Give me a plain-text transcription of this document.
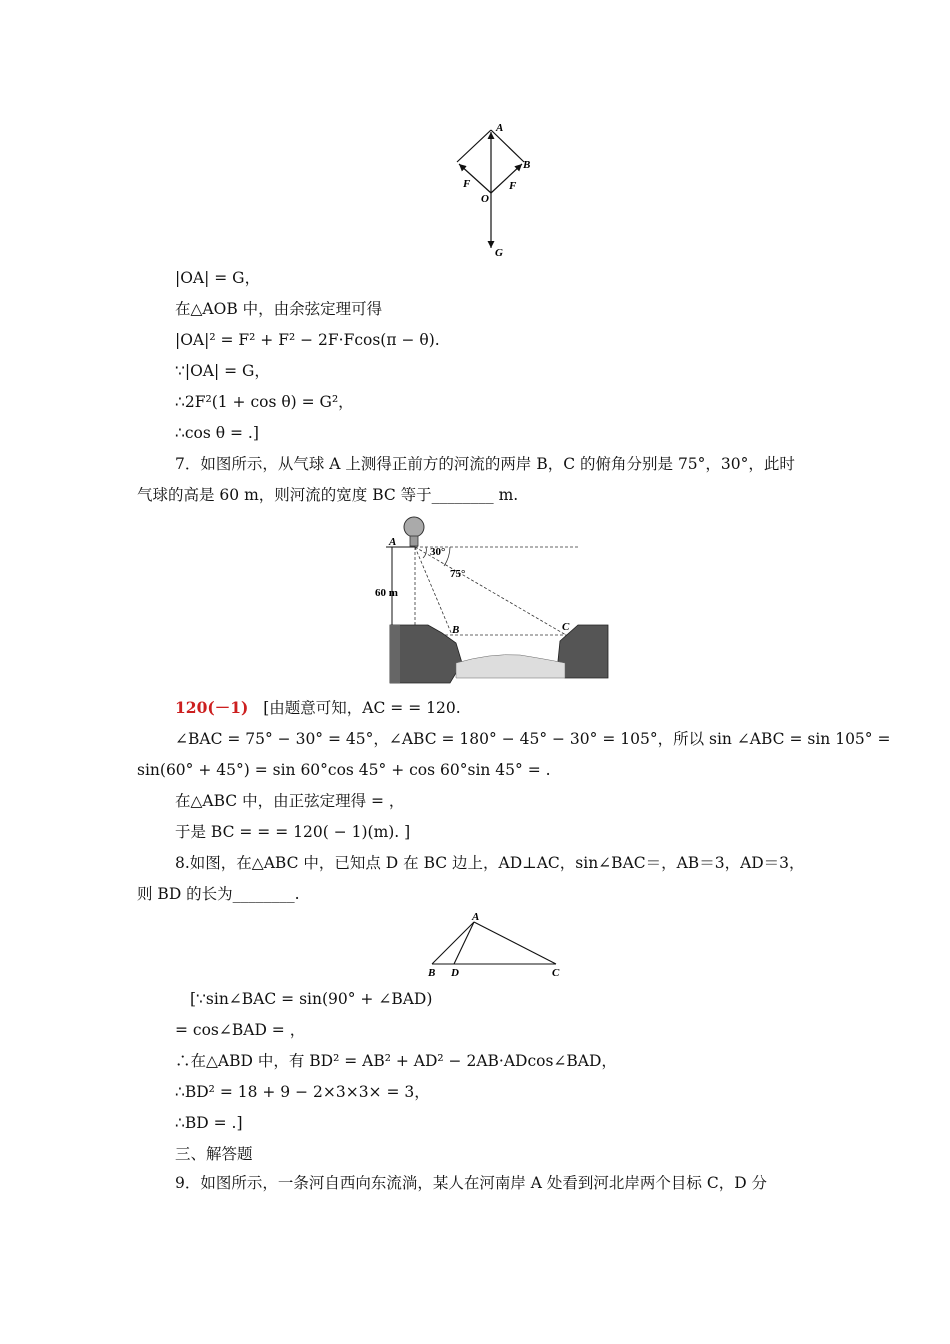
A
B
O
F	F
G
|OA| = G，
在△AOB 中，由余弦定理可得
|OA|² = F² + F² − 2F·Fcos(π − θ).
∵|OA| = G，
∴2F²(1 + cos θ) = G²，
∴cos θ = .]
7．如图所示，从气球 A 上测得正前方的河流的两岸 B，C 的俯角分别是 75°，30°，此时
气球的高是 60 m，则河流的宽度 BC 等于________ m.
A
60 m
30°
75°
B	C
120(－1) [由题意可知，AC = = 120.
∠BAC = 75° − 30° = 45°，∠ABC = 180° − 45° − 30° = 105°，所以 sin ∠ABC = sin 105° =
sin(60° + 45°) = sin 60°cos 45° + cos 60°sin 45° = .
在△ABC 中，由正弦定理得 = ，
于是 BC = = = 120( − 1)(m). ]
8.如图，在△ABC 中，已知点 D 在 BC 边上，AD⊥AC，sin∠BAC＝，AB＝3，AD＝3，
则 BD 的长为________.
A
B D	C
[∵sin∠BAC = sin(90° + ∠BAD)
= cos∠BAD = ，
∴在△ABD 中，有 BD² = AB² + AD² − 2AB·ADcos∠BAD，
∴BD² = 18 + 9 − 2×3×3× = 3，
∴BD = .]
三、解答题
9．如图所示，一条河自西向东流淌，某人在河南岸 A 处看到河北岸两个目标 C，D 分
